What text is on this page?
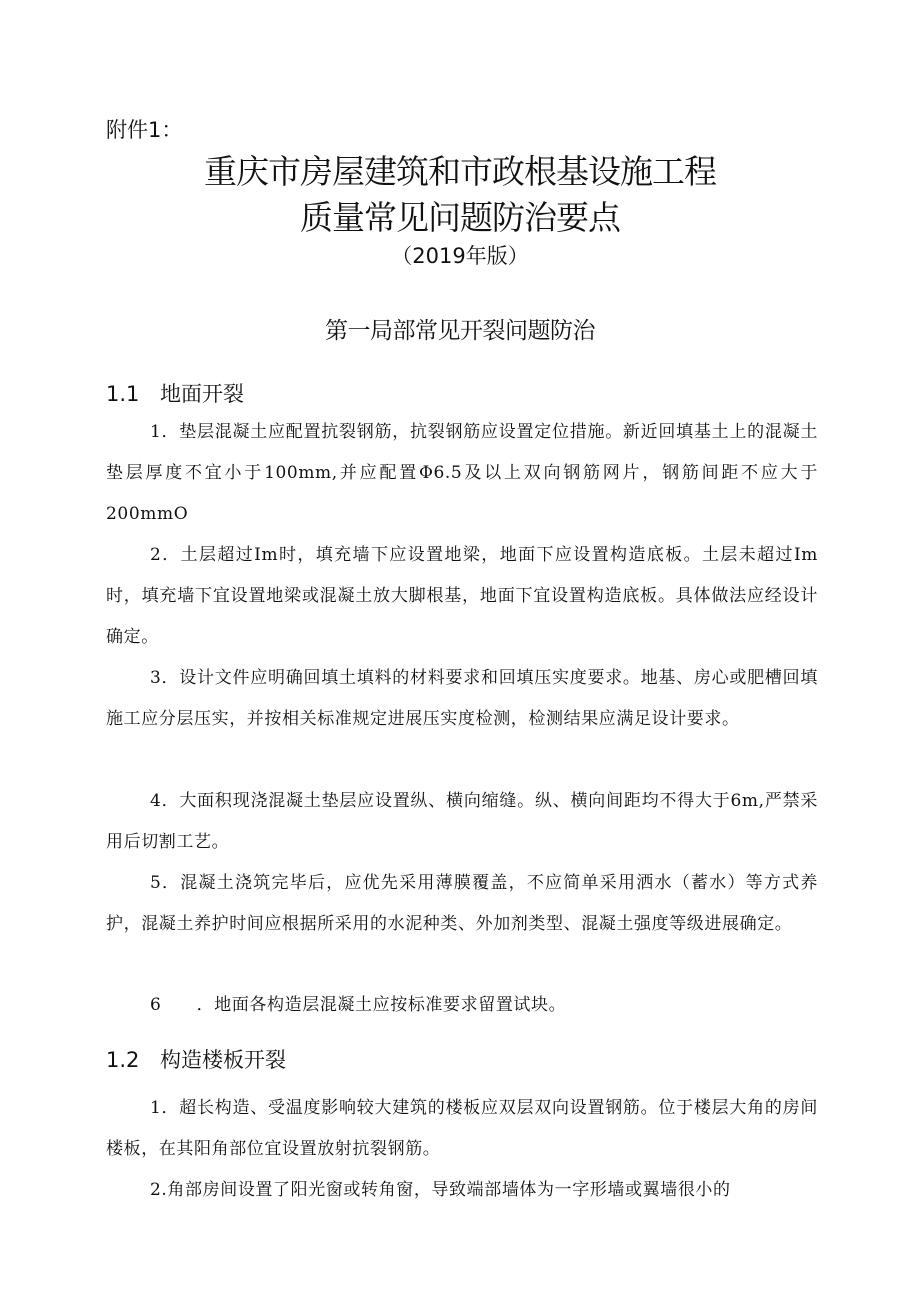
附件1：
重庆市房屋建筑和市政根基设施工程
质量常见问题防治要点
（2019年版）
第一局部常见开裂问题防治
1.1 地面开裂

1．垫层混凝土应配置抗裂钢筋，抗裂钢筋应设置定位措施。新近回填基土上的混凝土垫层厚度不宜小于100mm,并应配置Φ6.5及以上双向钢筋网片，钢筋间距不应大于200mmO

2．土层超过Im时，填充墙下应设置地梁，地面下应设置构造底板。土层未超过Im时，填充墙下宜设置地梁或混凝土放大脚根基，地面下宜设置构造底板。具体做法应经设计确定。

3．设计文件应明确回填土填料的材料要求和回填压实度要求。地基、房心或肥槽回填施工应分层压实，并按相关标准规定进展压实度检测，检测结果应满足设计要求。

4．大面积现浇混凝土垫层应设置纵、横向缩缝。纵、横向间距均不得大于6m,严禁采用后切割工艺。

5．混凝土浇筑完毕后，应优先采用薄膜覆盖，不应简单采用洒水（蓄水）等方式养护，混凝土养护时间应根据所采用的水泥种类、外加剂类型、混凝土强度等级进展确定。

6　　．地面各构造层混凝土应按标准要求留置试块。

1.2 构造楼板开裂

1．超长构造、受温度影响较大建筑的楼板应双层双向设置钢筋。位于楼层大角的房间楼板，在其阳角部位宜设置放射抗裂钢筋。

2.角部房间设置了阳光窗或转角窗，导致端部墙体为一字形墙或翼墙很小的
